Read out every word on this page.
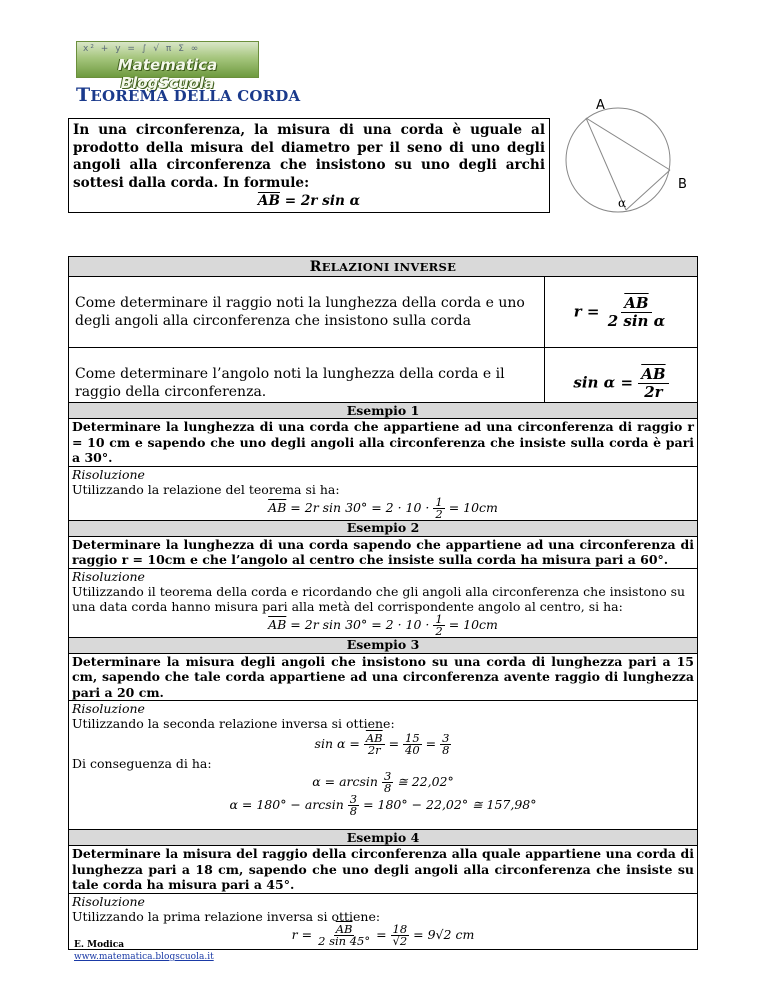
x² + y = ∫ √ π Σ ∞
Matematica BlogScuola
TEOREMA DELLA CORDA
In una circonferenza, la misura di una corda è uguale al prodotto della misura del diametro per il seno di uno degli angoli alla circonferenza che insistono su uno degli archi sottesi dalla corda. In formule:
$\overline{AB} = 2r$ sin α
A
B
α
RELAZIONI INVERSE	
Come determinare il raggio noti la lunghezza della corda e uno degli angoli alla circonferenza che insistono sulla corda	$r = \frac{\overline{AB}}{\text{2 sin α}}$

Come determinare l’angolo noti la lunghezza della corda e il raggio della circonferenza.	$\sin \alpha = \frac{\overline{AB}}{2r}$
Esempio 1
Determinare la lunghezza di una corda che appartiene ad una circonferenza di raggio r = 10 cm e sapendo che uno degli angoli alla circonferenza che insiste sulla corda è pari a 30°.

Risoluzione
Utilizzando la relazione del teorema si ha:
$\overline{AB} = 2r$ $\sin 30^\circ = 2 \cdot 10 \cdot \frac{1}{2} = 10cm$

Esempio 2
Determinare la lunghezza di una corda sapendo che appartiene ad una circonferenza di raggio r = 10cm e che l’angolo al centro che insiste sulla corda ha misura pari a 60°.

Risoluzione
Utilizzando il teorema della corda e ricordando che gli angoli alla circonferenza che insistono su una data corda hanno misura pari alla metà del corrispondente angolo al centro, si ha:
$\overline{AB} = 2r$ $\sin 30^\circ = 2 \cdot 10 \cdot \frac{1}{2} = 10cm$

Esempio 3
Determinare la misura degli angoli che insistono su una corda di lunghezza pari a 15 cm, sapendo che tale corda appartiene ad una circonferenza avente raggio di lunghezza pari a 20 cm.

Risoluzione
Utilizzando la seconda relazione inversa si ottiene:
$\sin \alpha = \frac{\overline{AB}}{2r} = \frac{15}{40} = \frac{3}{8}$
Di conseguenza di ha:
$\alpha = \arcsin \frac{3}{8}$ ≅ 22,02°
$\alpha = 180^\circ - \arcsin \frac{3}{8} = 180^\circ - 22,02^\circ$ ≅ 157,98°

Esempio 4
Determinare la misura del raggio della circonferenza alla quale appartiene una corda di lunghezza pari a 18 cm, sapendo che uno degli angoli alla circonferenza che insiste su tale corda ha misura pari a 45°.

Risoluzione
Utilizzando la prima relazione inversa si ottiene:
$r = \frac{\overline{AB}}{2 \sin 45^\circ} = \frac{18}{√2} = 9√2$ cm
E. Modica
www.matematica.blogscuola.it
